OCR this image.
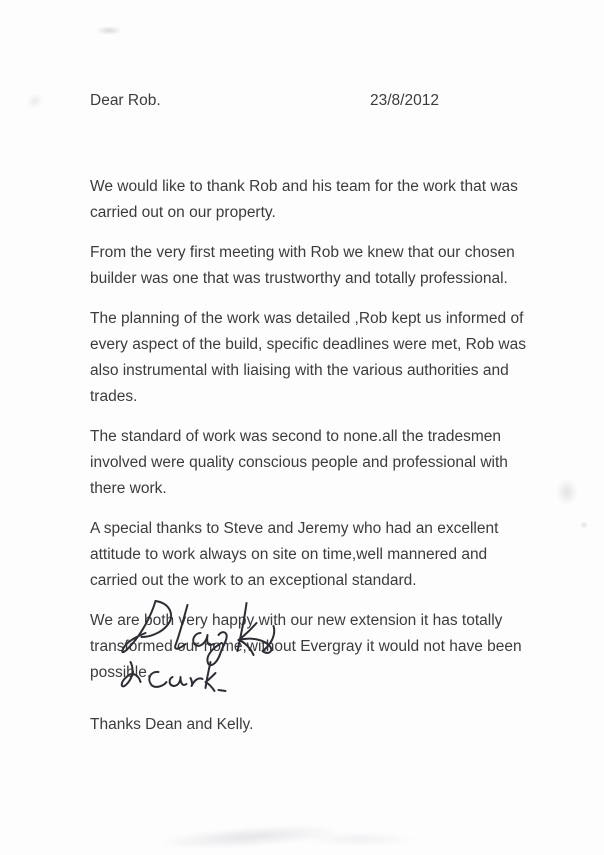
Dear Rob.	23/8/2012

We would like to thank Rob and his team for the work that was carried out on our property.

From the very first meeting with Rob we knew that our chosen builder was one that was trustworthy and totally professional.

The planning of the work was detailed ,Rob kept us informed of every aspect of the build, specific deadlines were met, Rob was also instrumental with liaising with the various authorities and trades.

The standard of work was second to none.all the tradesmen involved were quality conscious people and professional with there work.

A special thanks to Steve and Jeremy who had an excellent attitude to work always on site on time,well mannered and carried out the work to an exceptional standard.

We are both very happy with our new extension it has totally transformed our home,without Evergray it would not have been possible.

Thanks Dean and Kelly.
